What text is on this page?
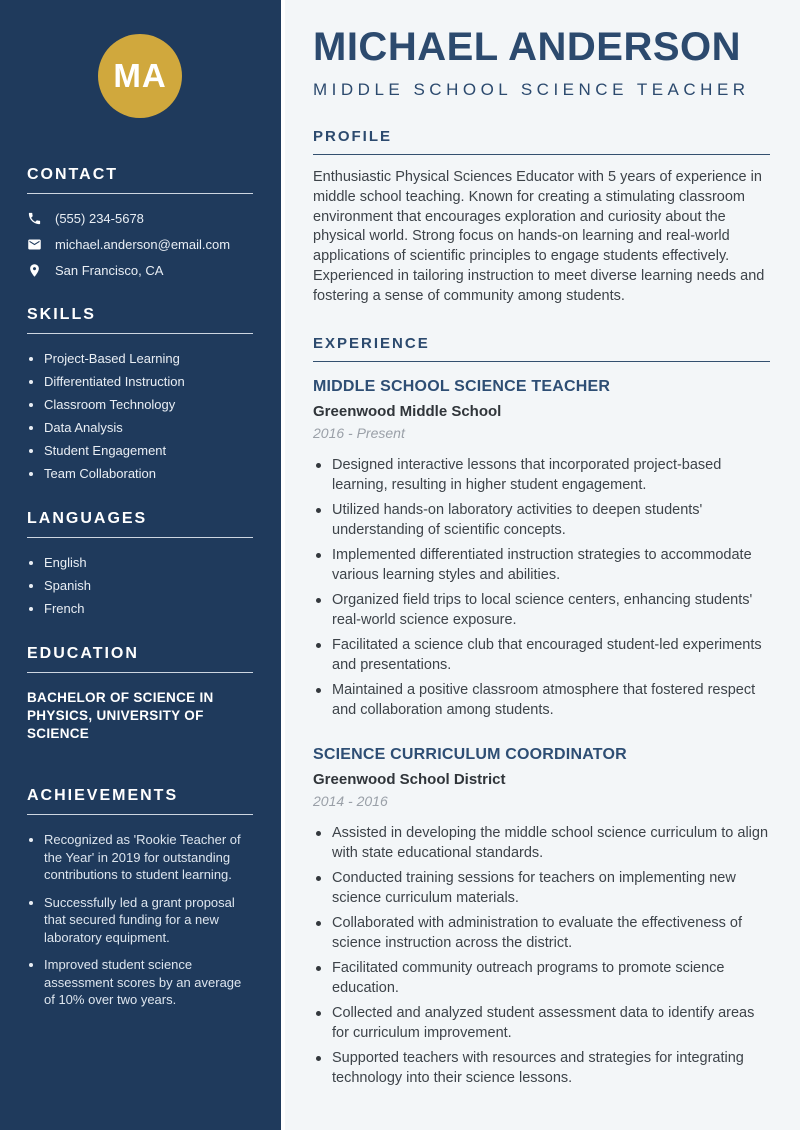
MA
CONTACT
(555) 234-5678
michael.anderson@email.com
San Francisco, CA
SKILLS
Project-Based Learning
Differentiated Instruction
Classroom Technology
Data Analysis
Student Engagement
Team Collaboration
LANGUAGES
English
Spanish
French
EDUCATION
BACHELOR OF SCIENCE IN PHYSICS, UNIVERSITY OF SCIENCE
ACHIEVEMENTS
Recognized as 'Rookie Teacher of the Year' in 2019 for outstanding contributions to student learning.
Successfully led a grant proposal that secured funding for a new laboratory equipment.
Improved student science assessment scores by an average of 10% over two years.
MICHAEL ANDERSON
MIDDLE SCHOOL SCIENCE TEACHER
PROFILE

Enthusiastic Physical Sciences Educator with 5 years of experience in middle school teaching. Known for creating a stimulating classroom environment that encourages exploration and curiosity about the physical world. Strong focus on hands-on learning and real-world applications of scientific principles to engage students effectively. Experienced in tailoring instruction to meet diverse learning needs and fostering a sense of community among students.

EXPERIENCE
MIDDLE SCHOOL SCIENCE TEACHER
Greenwood Middle School
2016 - Present
Designed interactive lessons that incorporated project-based learning, resulting in higher student engagement.
Utilized hands-on laboratory activities to deepen students' understanding of scientific concepts.
Implemented differentiated instruction strategies to accommodate various learning styles and abilities.
Organized field trips to local science centers, enhancing students' real-world science exposure.
Facilitated a science club that encouraged student-led experiments and presentations.
Maintained a positive classroom atmosphere that fostered respect and collaboration among students.
SCIENCE CURRICULUM COORDINATOR
Greenwood School District
2014 - 2016
Assisted in developing the middle school science curriculum to align with state educational standards.
Conducted training sessions for teachers on implementing new science curriculum materials.
Collaborated with administration to evaluate the effectiveness of science instruction across the district.
Facilitated community outreach programs to promote science education.
Collected and analyzed student assessment data to identify areas for curriculum improvement.
Supported teachers with resources and strategies for integrating technology into their science lessons.
